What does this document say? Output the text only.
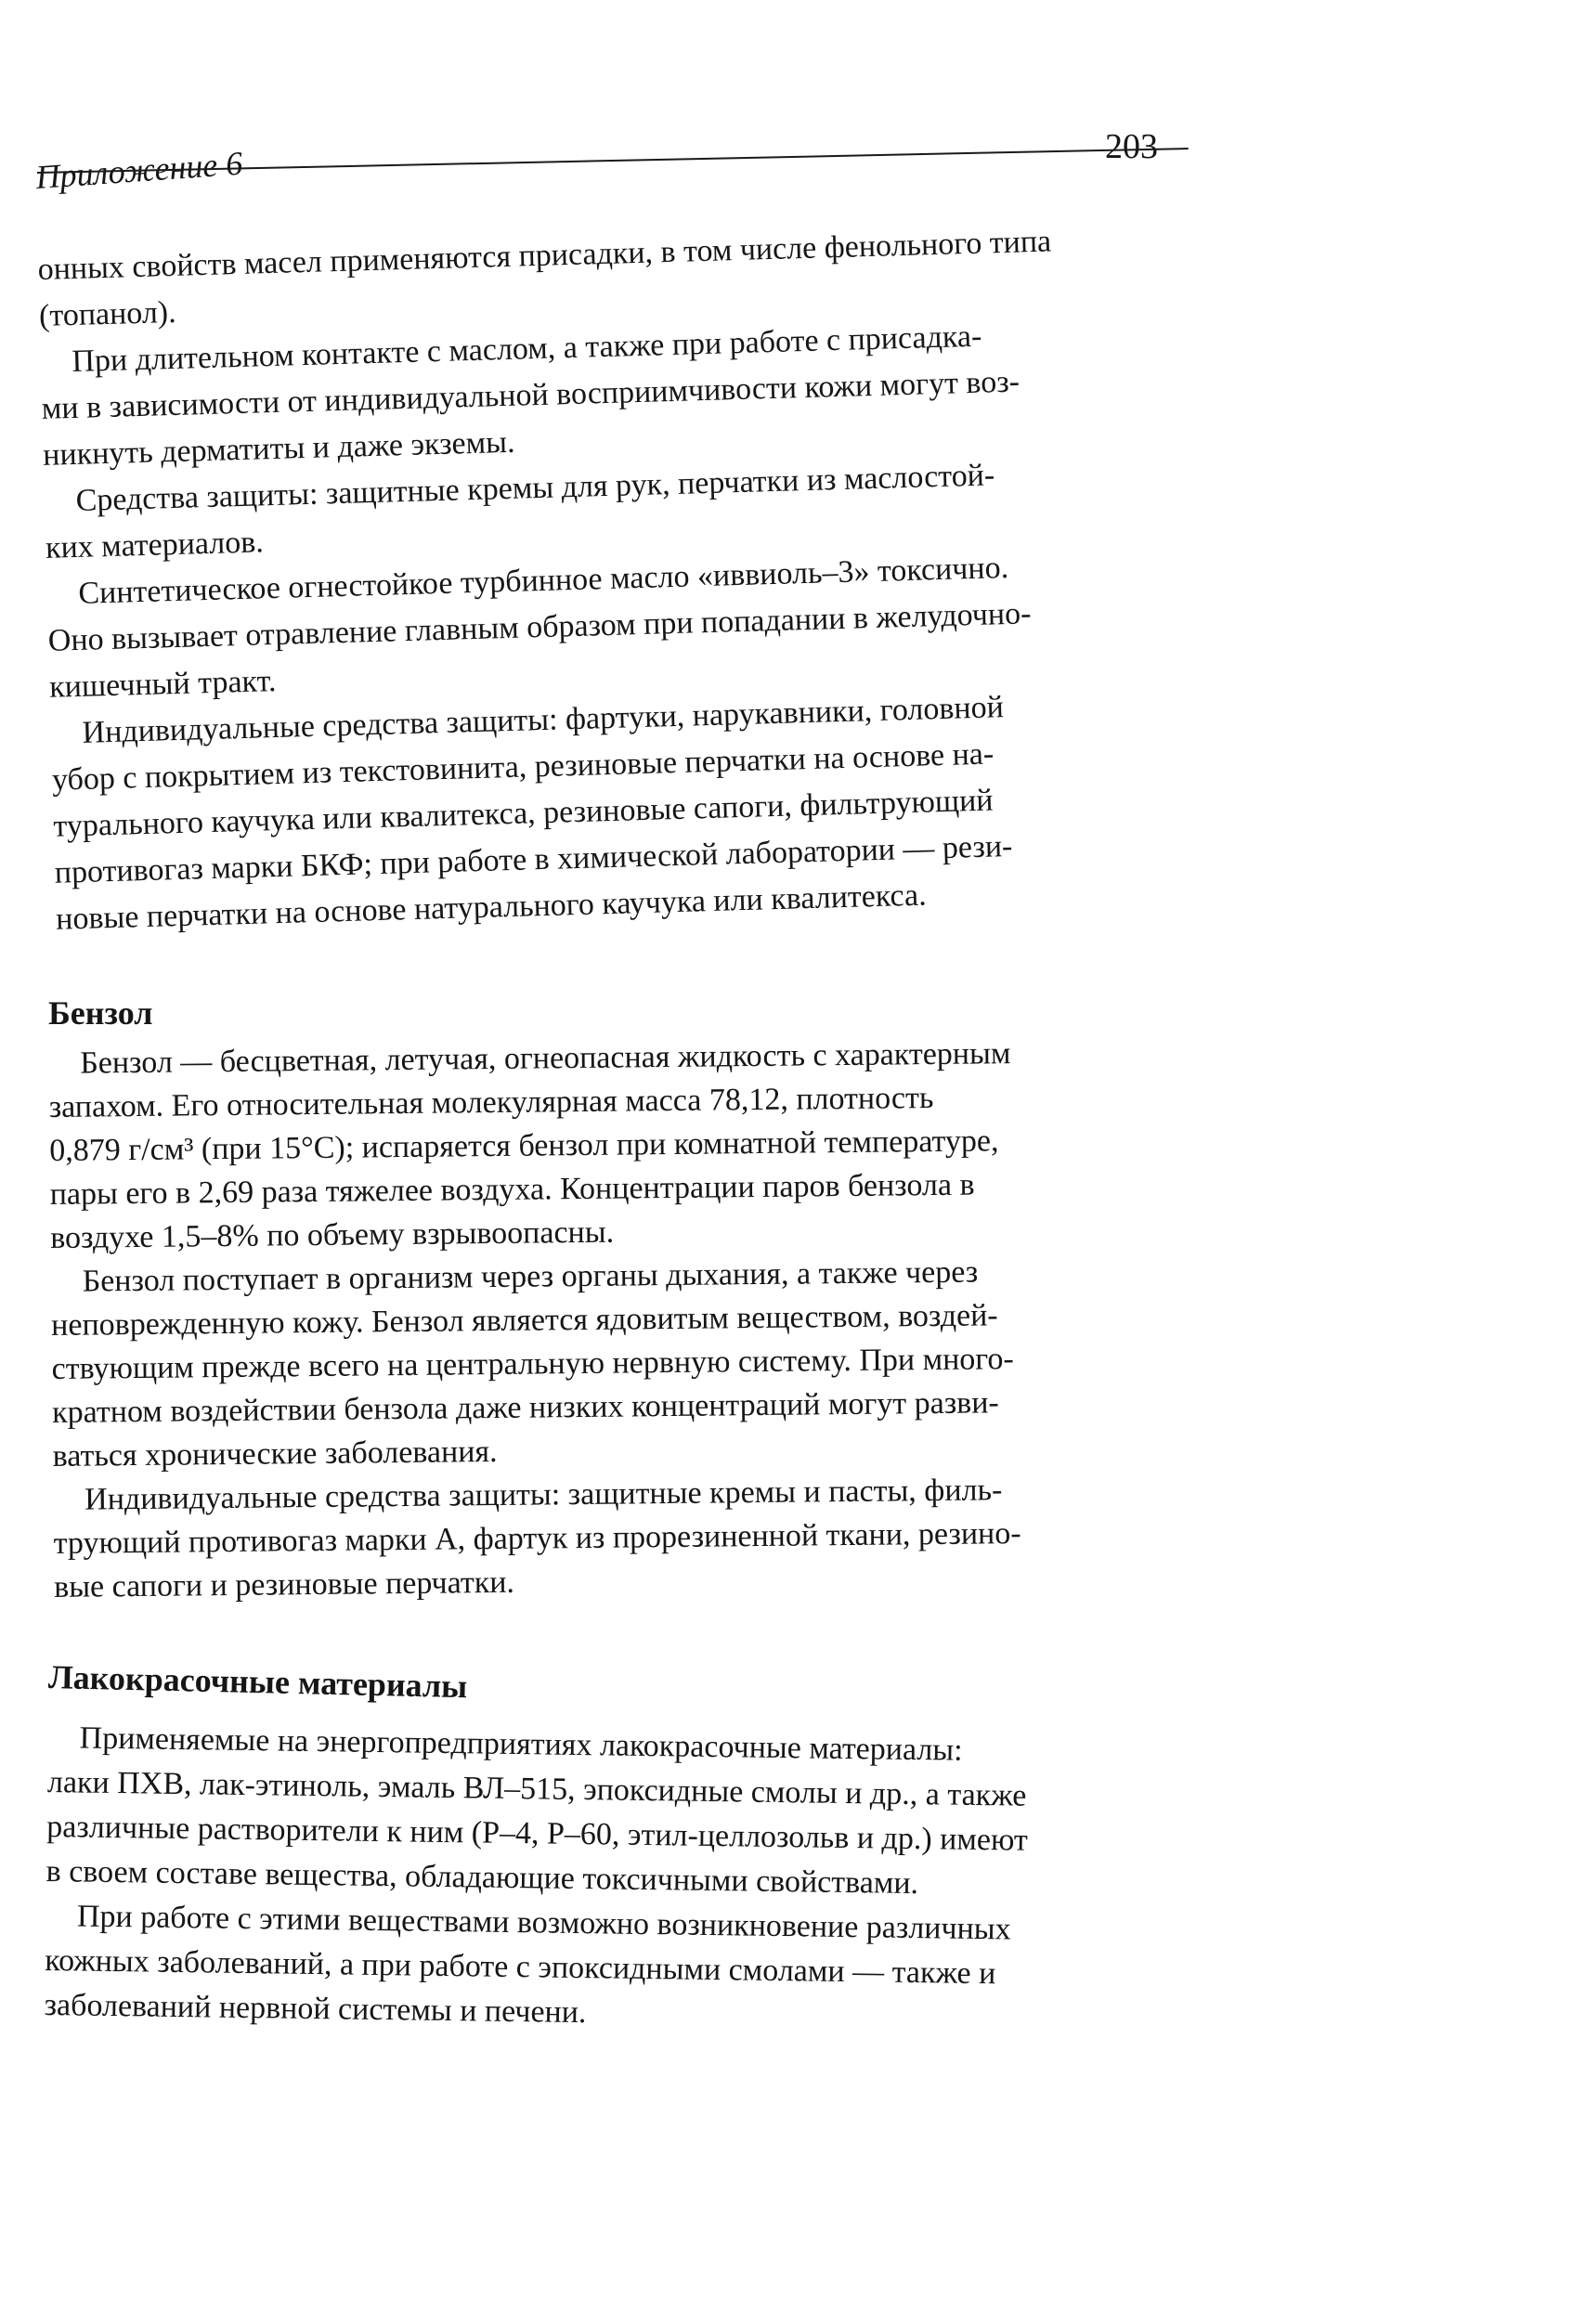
Приложение 6	203

онных свойств масел применяются присадки, в том числе фенольного типа
(топанол).
При длительном контакте с маслом, а также при работе с присадка-
ми в зависимости от индивидуальной восприимчивости кожи могут воз-
никнуть дерматиты и даже экземы.
Средства защиты: защитные кремы для рук, перчатки из маслостой-
ких материалов.
Синтетическое огнестойкое турбинное масло «иввиоль–3» токсично.
Оно вызывает отравление главным образом при попадании в желудочно-
кишечный тракт.
Индивидуальные средства защиты: фартуки, нарукавники, головной
убор с покрытием из текстовинита, резиновые перчатки на основе на-
турального каучука или квалитекса, резиновые сапоги, фильтрующий
противогаз марки БКФ; при работе в химической лаборатории — рези-
новые перчатки на основе натурального каучука или квалитекса.

Бензол

Бензол — бесцветная, летучая, огнеопасная жидкость с характерным
запахом. Его относительная молекулярная масса 78,12, плотность
0,879 г/см³ (при 15°С); испаряется бензол при комнатной температуре,
пары его в 2,69 раза тяжелее воздуха. Концентрации паров бензола в
воздухе 1,5–8% по объему взрывоопасны.
Бензол поступает в организм через органы дыхания, а также через
неповрежденную кожу. Бензол является ядовитым веществом, воздей-
ствующим прежде всего на центральную нервную систему. При много-
кратном воздействии бензола даже низких концентраций могут разви-
ваться хронические заболевания.
Индивидуальные средства защиты: защитные кремы и пасты, филь-
трующий противогаз марки А, фартук из прорезиненной ткани, резино-
вые сапоги и резиновые перчатки.

Лакокрасочные материалы

Применяемые на энергопредприятиях лакокрасочные материалы:
лаки ПХВ, лак-этиноль, эмаль ВЛ–515, эпоксидные смолы и др., а также
различные растворители к ним (Р–4, Р–60, этил-целлозольв и др.) имеют
в своем составе вещества, обладающие токсичными свойствами.
При работе с этими веществами возможно возникновение различных
кожных заболеваний, а при работе с эпоксидными смолами — также и
заболеваний нервной системы и печени.
